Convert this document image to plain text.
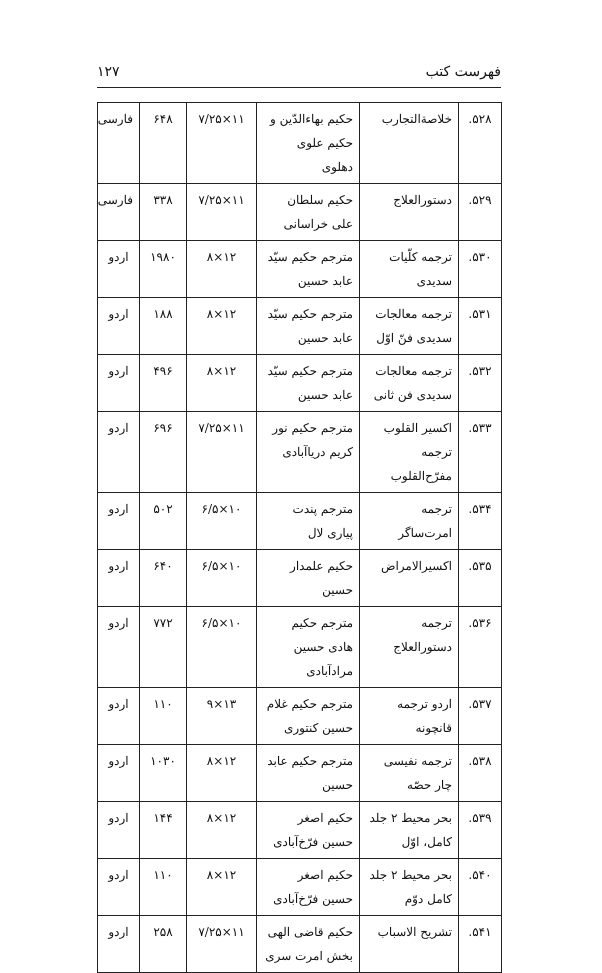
فهرست کتب
۱۲۷
۵۲۸.	خلاصة‌التجارب	حکیم بهاءالدّین و حکیم علوی دهلوی	۱۱×۷/۲۵	۶۴۸	فارسی
۵۲۹.	دستورالعلاج	حکیم سلطان علی خراسانی	۱۱×۷/۲۵	۳۳۸	فارسی
۵۳۰.	ترجمه کلّیات سدیدی	مترجم حکیم سیّد عابد حسین	۱۲×۸	۱۹۸۰	اردو
۵۳۱.	ترجمه معالجات سدیدی فنّ اوّل	مترجم حکیم سیّد عابد حسین	۱۲×۸	۱۸۸	اردو
۵۳۲.	ترجمه معالجات سدیدی فن ثانی	مترجم حکیم سیّد عابد حسین	۱۲×۸	۴۹۶	اردو
۵۳۳.	اکسیر القلوب ترجمه مفرّح‌القلوب	مترجم حکیم نور کریم دریاآبادی	۱۱×۷/۲۵	۶۹۶	اردو
۵۳۴.	ترجمه امرت‌ساگر	مترجم پندت پیاری لال	۱۰×۶/۵	۵۰۲	اردو
۵۳۵.	اکسیرالامراض	حکیم علمدار حسین	۱۰×۶/۵	۶۴۰	اردو
۵۳۶.	ترجمه دستورالعلاج	مترجم حکیم هادی حسین مرادآبادی	۱۰×۶/۵	۷۷۲	اردو
۵۳۷.	اردو ترجمه قانچونه	مترجم حکیم غلام حسین کنتوری	۱۳×۹	۱۱۰	اردو
۵۳۸.	ترجمه نفیسی چار حصّه	مترجم حکیم عابد حسین	۱۲×۸	۱۰۳۰	اردو
۵۳۹.	بحر محیط ۲ جلد کامل، اوّل	حکیم اصغر حسین فرّخ‌آبادی	۱۲×۸	۱۴۴	اردو
۵۴۰.	بحر محیط ۲ جلد کامل دوّم	حکیم اصغر حسین فرّخ‌آبادی	۱۲×۸	۱۱۰	اردو
۵۴۱.	تشریح الاسباب	حکیم قاضی الهی بخش امرت سری	۱۱×۷/۲۵	۲۵۸	اردو
